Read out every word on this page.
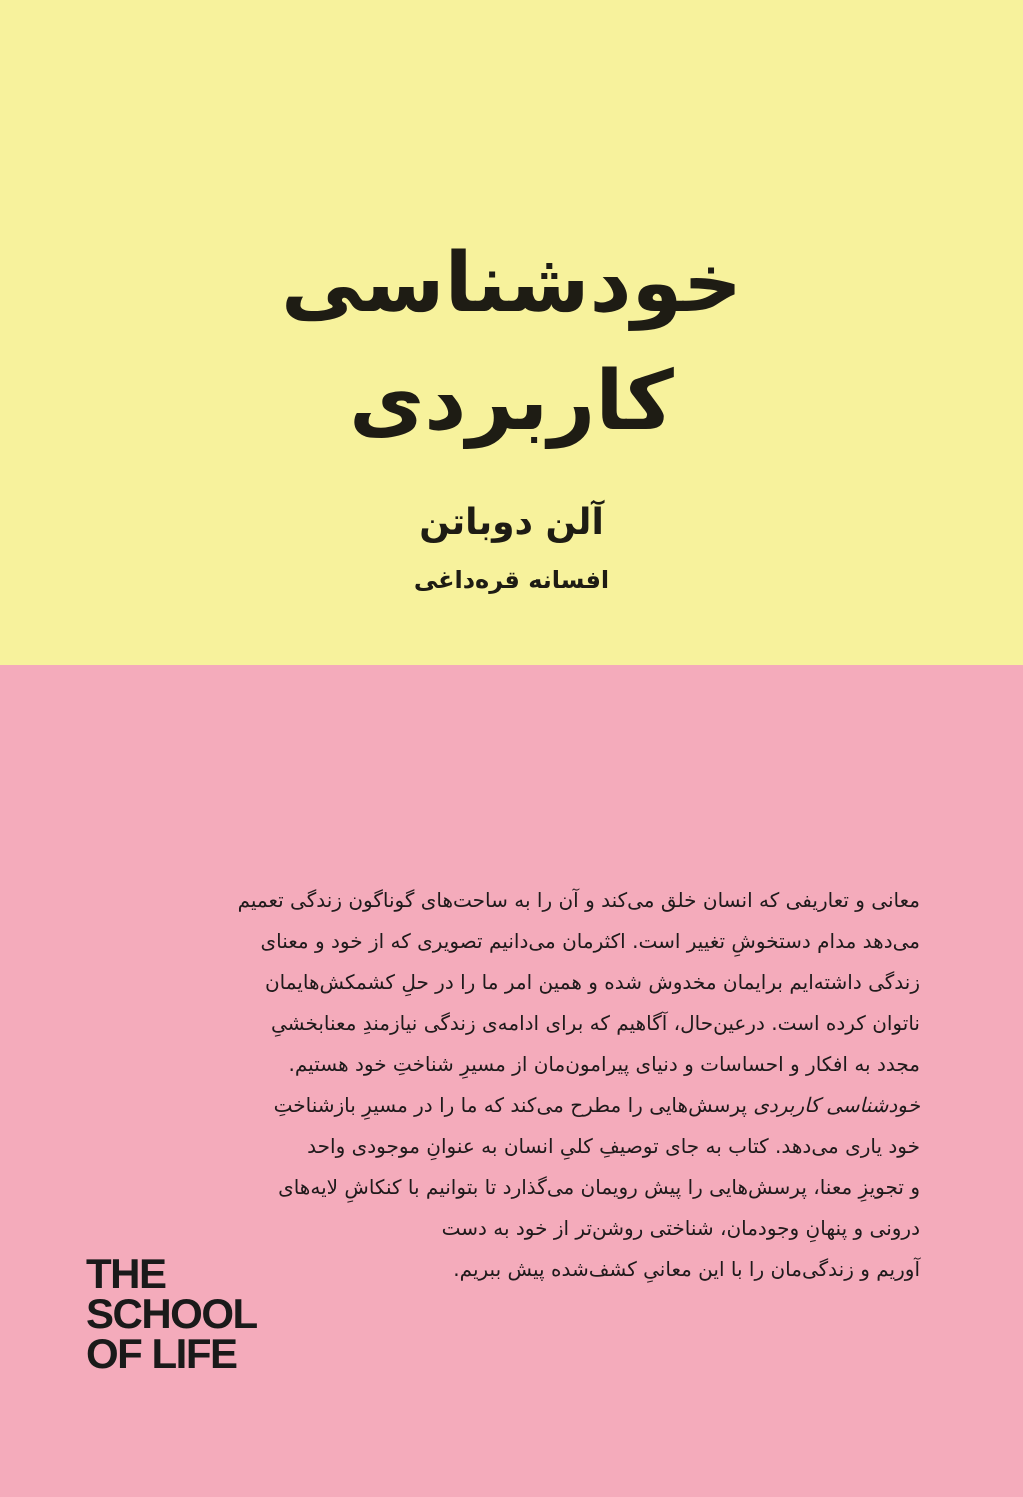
خودشناسی
کاربردی
آلن دوباتن
افسانه قره‌داغی
معانی و تعاریفی که انسان خلق می‌کند و آن را به ساحت‌های گوناگون زندگی تعمیم
می‌دهد مدام دستخوشِ تغییر است. اکثرمان می‌دانیم تصویری که از خود و معنای
زندگی داشته‌ایم برایمان مخدوش شده و همین امر ما را در حلِ کشمکش‌هایمان
ناتوان کرده است. درعین‌حال، آگاهیم که برای ادامه‌ی زندگی نیازمندِ معنابخشیِ
مجدد به افکار و احساسات و دنیای پیرامون‌مان از مسیرِ شناختِ خود هستیم.
خودشناسی کاربردی پرسش‌هایی را مطرح می‌کند که ما را در مسیرِ بازشناختِ
خود یاری می‌دهد. کتاب به جای توصیفِ کلیِ انسان به عنوانِ موجودی واحد
و تجویزِ معنا، پرسش‌هایی را پیش رویمان می‌گذارد تا بتوانیم با کنکاشِ لایه‌های
درونی و پنهانِ وجودمان، شناختی روشن‌تر از خود به دست
آوریم و زندگی‌مان را با این معانیِ کشف‌شده پیش ببریم.
THE
SCHOOL
OF LIFE
